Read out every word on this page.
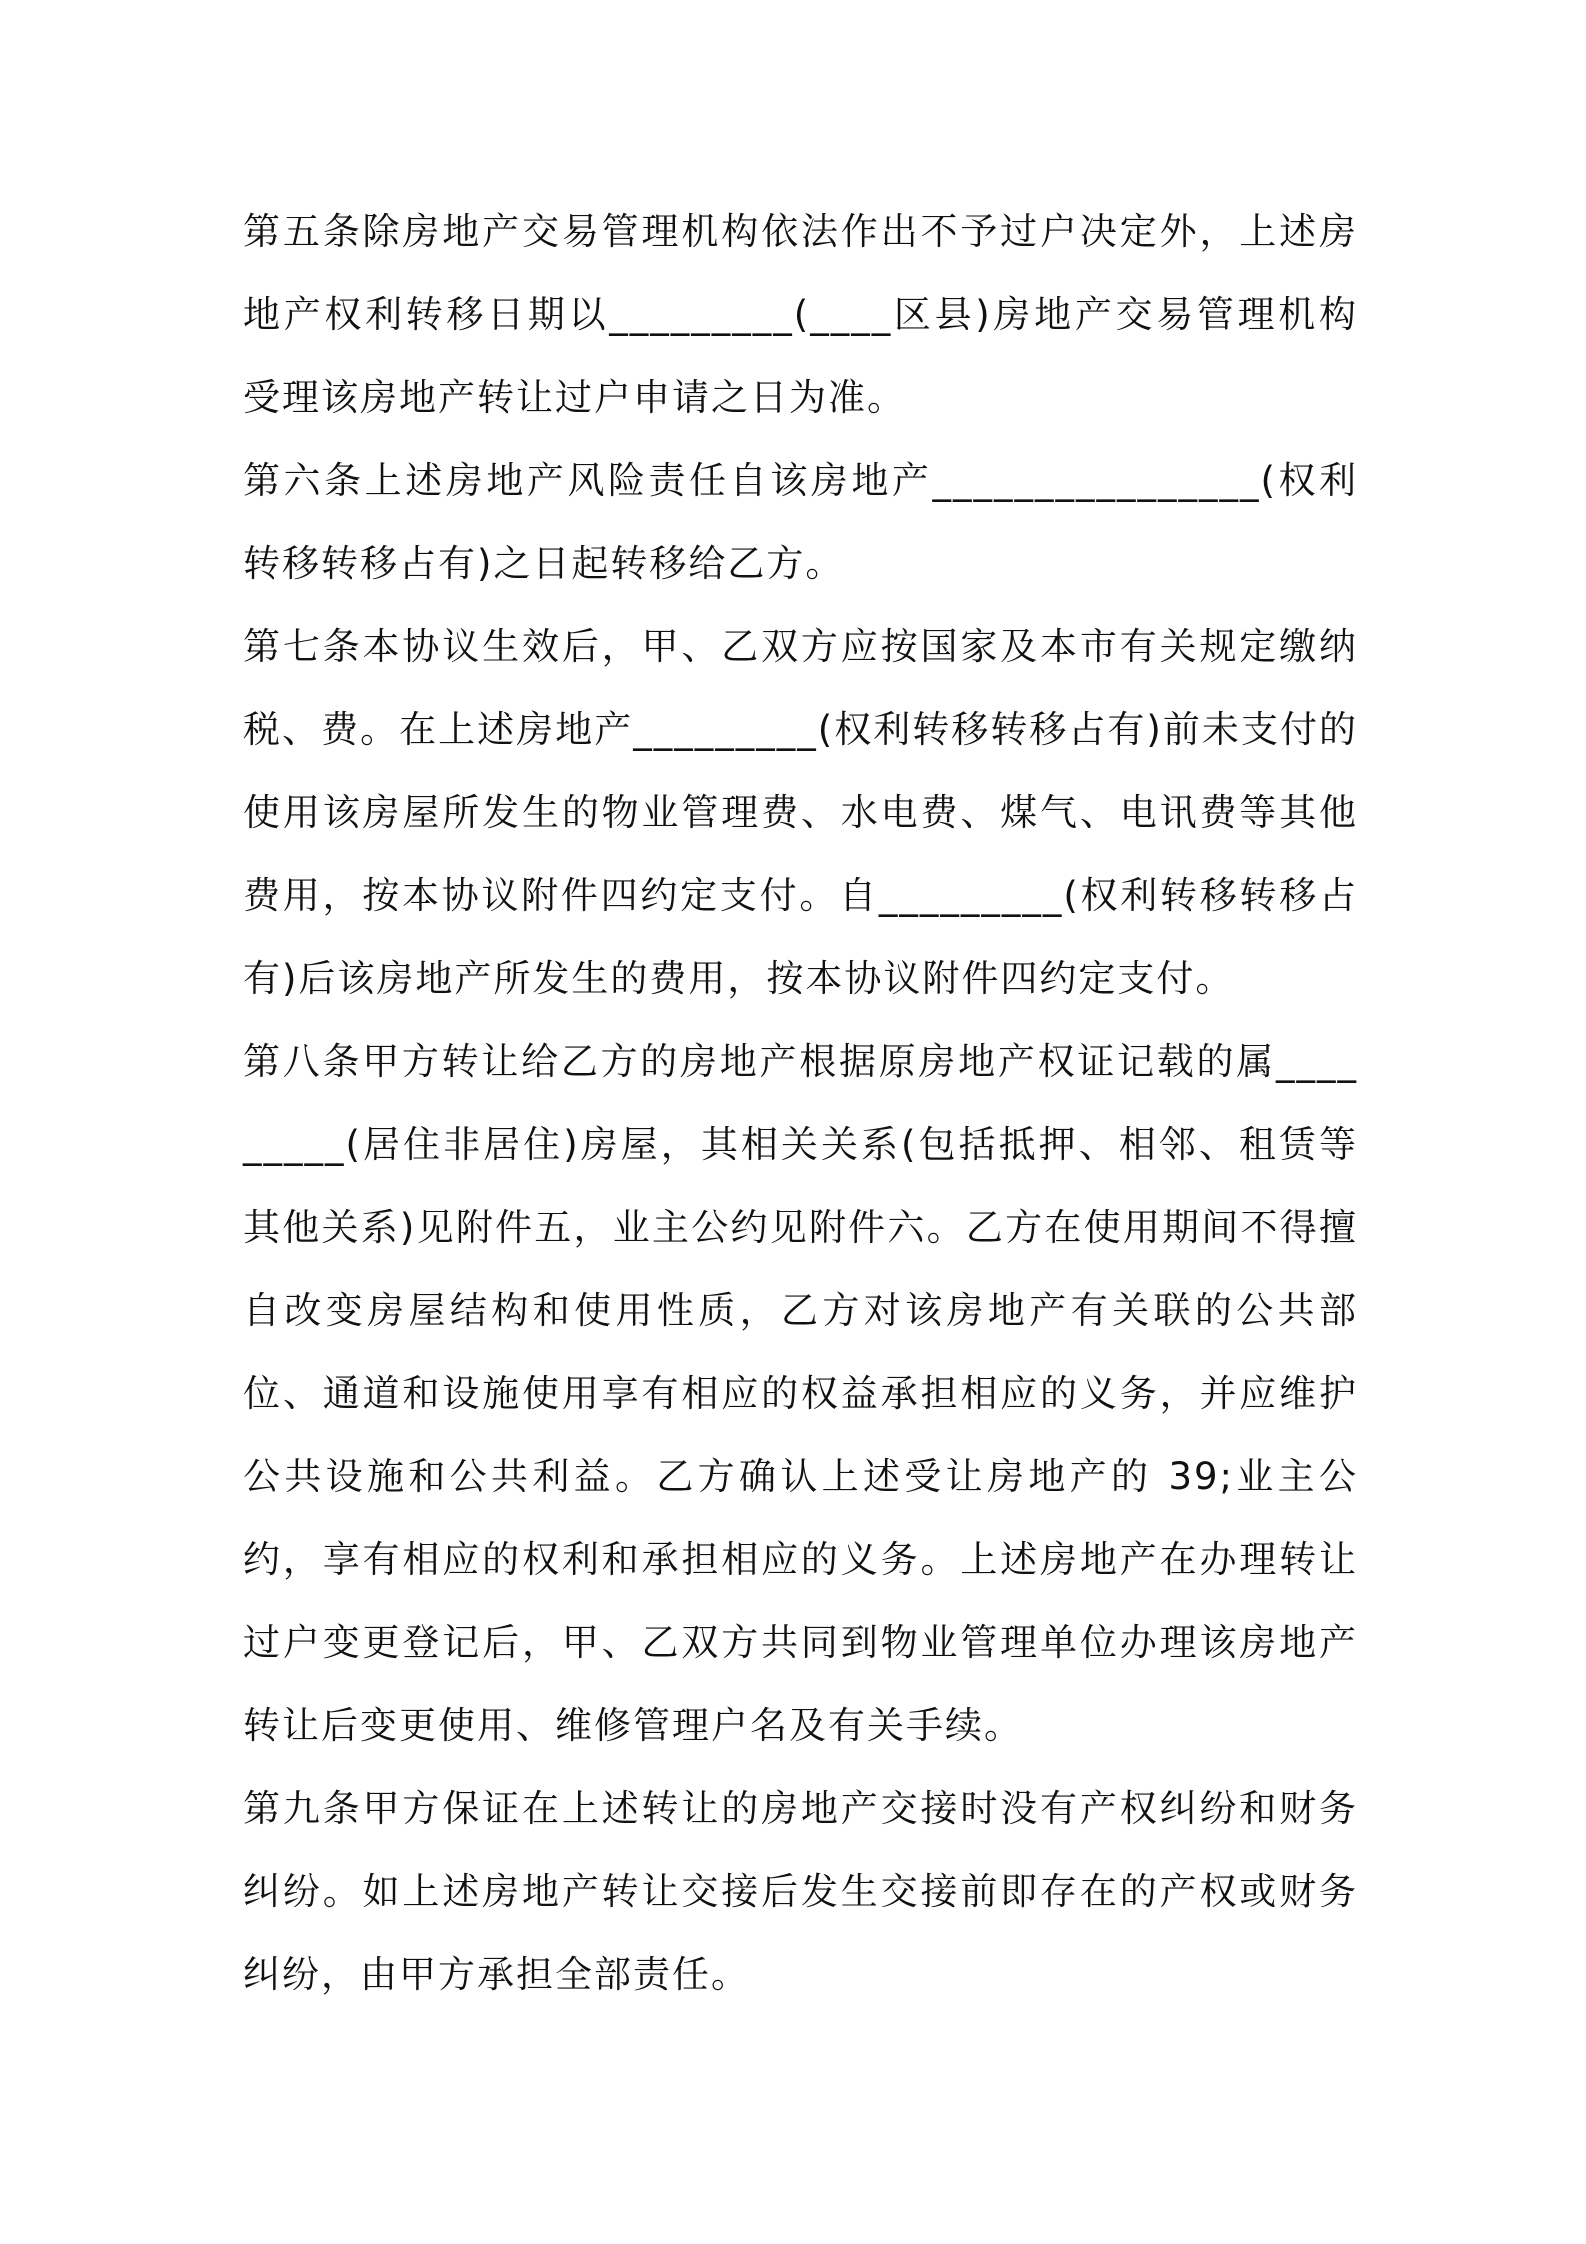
第五条除房地产交易管理机构依法作出不予过户决定外，上述房地产权利转移日期以_________(____区县)房地产交易管理机构受理该房地产转让过户申请之日为准。

第六条上述房地产风险责任自该房地产________________(权利转移转移占有)之日起转移给乙方。

第七条本协议生效后，甲、乙双方应按国家及本市有关规定缴纳税、费。在上述房地产_________(权利转移转移占有)前未支付的使用该房屋所发生的物业管理费、水电费、煤气、电讯费等其他费用，按本协议附件四约定支付。自_________(权利转移转移占有)后该房地产所发生的费用，按本协议附件四约定支付。

第八条甲方转让给乙方的房地产根据原房地产权证记载的属_________(居住非居住)房屋，其相关关系(包括抵押、相邻、租赁等其他关系)见附件五，业主公约见附件六。乙方在使用期间不得擅自改变房屋结构和使用性质，乙方对该房地产有关联的公共部位、通道和设施使用享有相应的权益承担相应的义务，并应维护公共设施和公共利益。乙方确认上述受让房地产的 39;业主公约，享有相应的权利和承担相应的义务。上述房地产在办理转让过户变更登记后，甲、乙双方共同到物业管理单位办理该房地产转让后变更使用、维修管理户名及有关手续。

第九条甲方保证在上述转让的房地产交接时没有产权纠纷和财务纠纷。如上述房地产转让交接后发生交接前即存在的产权或财务纠纷，由甲方承担全部责任。
